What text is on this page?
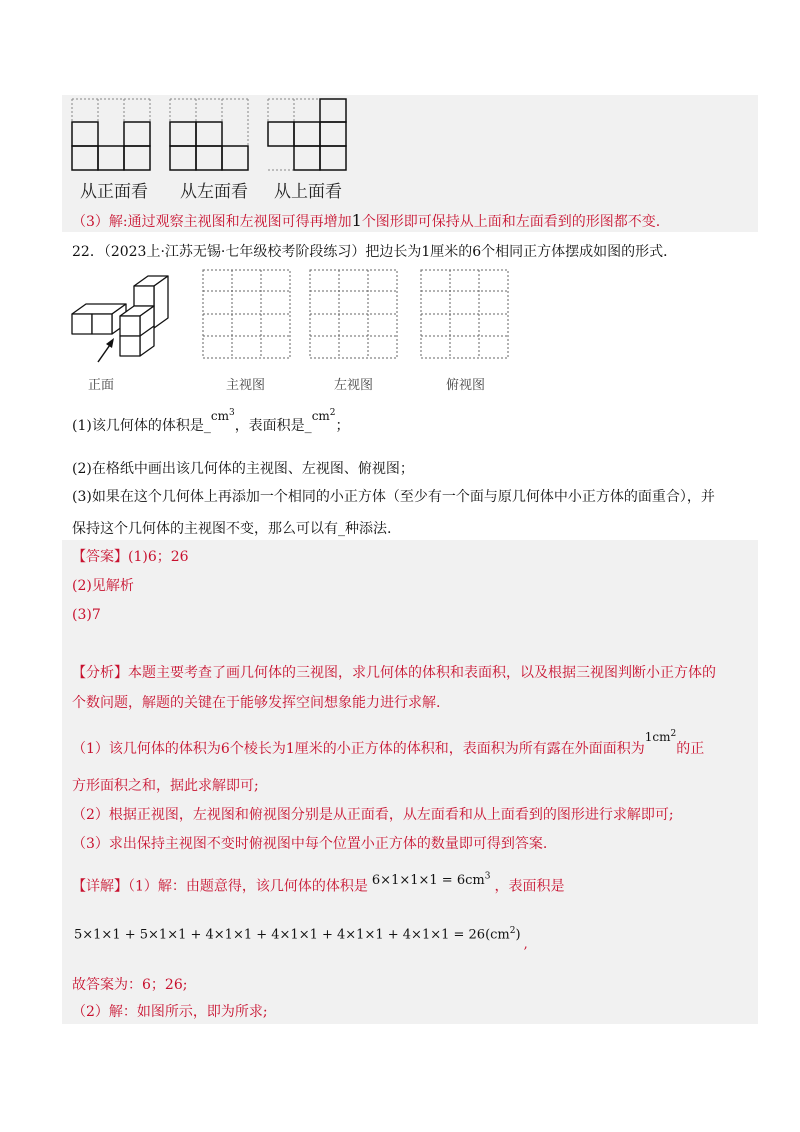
从正面看 从左面看 从上面看
（3）解:通过观察主视图和左视图可得再增加1个图形即可保持从上面和左面看到的形图都不变.
22．（2023上·江苏无锡·七年级校考阶段练习）把边长为1厘米的6个相同正方体摆成如图的形式．
正面	主视图	左视图	俯视图
(1)该几何体的体积是$\_cm^3$，表面积是$\_cm^2$；
(2)在格纸中画出该几何体的主视图、左视图、俯视图；
(3)如果在这个几何体上再添加一个相同的小正方体（至少有一个面与原几何体中小正方体的面重合），并
保持这个几何体的主视图不变，那么可以有_种添法.
【答案】(1)6；26
(2)见解析
(3)7
【分析】本题主要考查了画几何体的三视图，求几何体的体积和表面积，以及根据三视图判断小正方体的
个数问题，解题的关键在于能够发挥空间想象能力进行求解.
（1）该几何体的体积为6个棱长为1厘米的小正方体的体积和，表面积为所有露在外面面积为$1cm^2$的正
方形面积之和，据此求解即可;
（2）根据正视图，左视图和俯视图分别是从正面看，从左面看和从上面看到的图形进行求解即可;
（3）求出保持主视图不变时俯视图中每个位置小正方体的数量即可得到答案.
【详解】（1）解：由题意得，该几何体的体积是 $6\times 1\times 1\times 1 = 6cm^3$，表面积是
$5\times 1\times 1 + 5\times 1\times 1 + 4\times 1\times 1 + 4\times 1\times 1 + 4\times 1\times 1 + 4\times 1\times 1 = 26(cm^2)$,
故答案为：6；26;
（2）解：如图所示，即为所求;
